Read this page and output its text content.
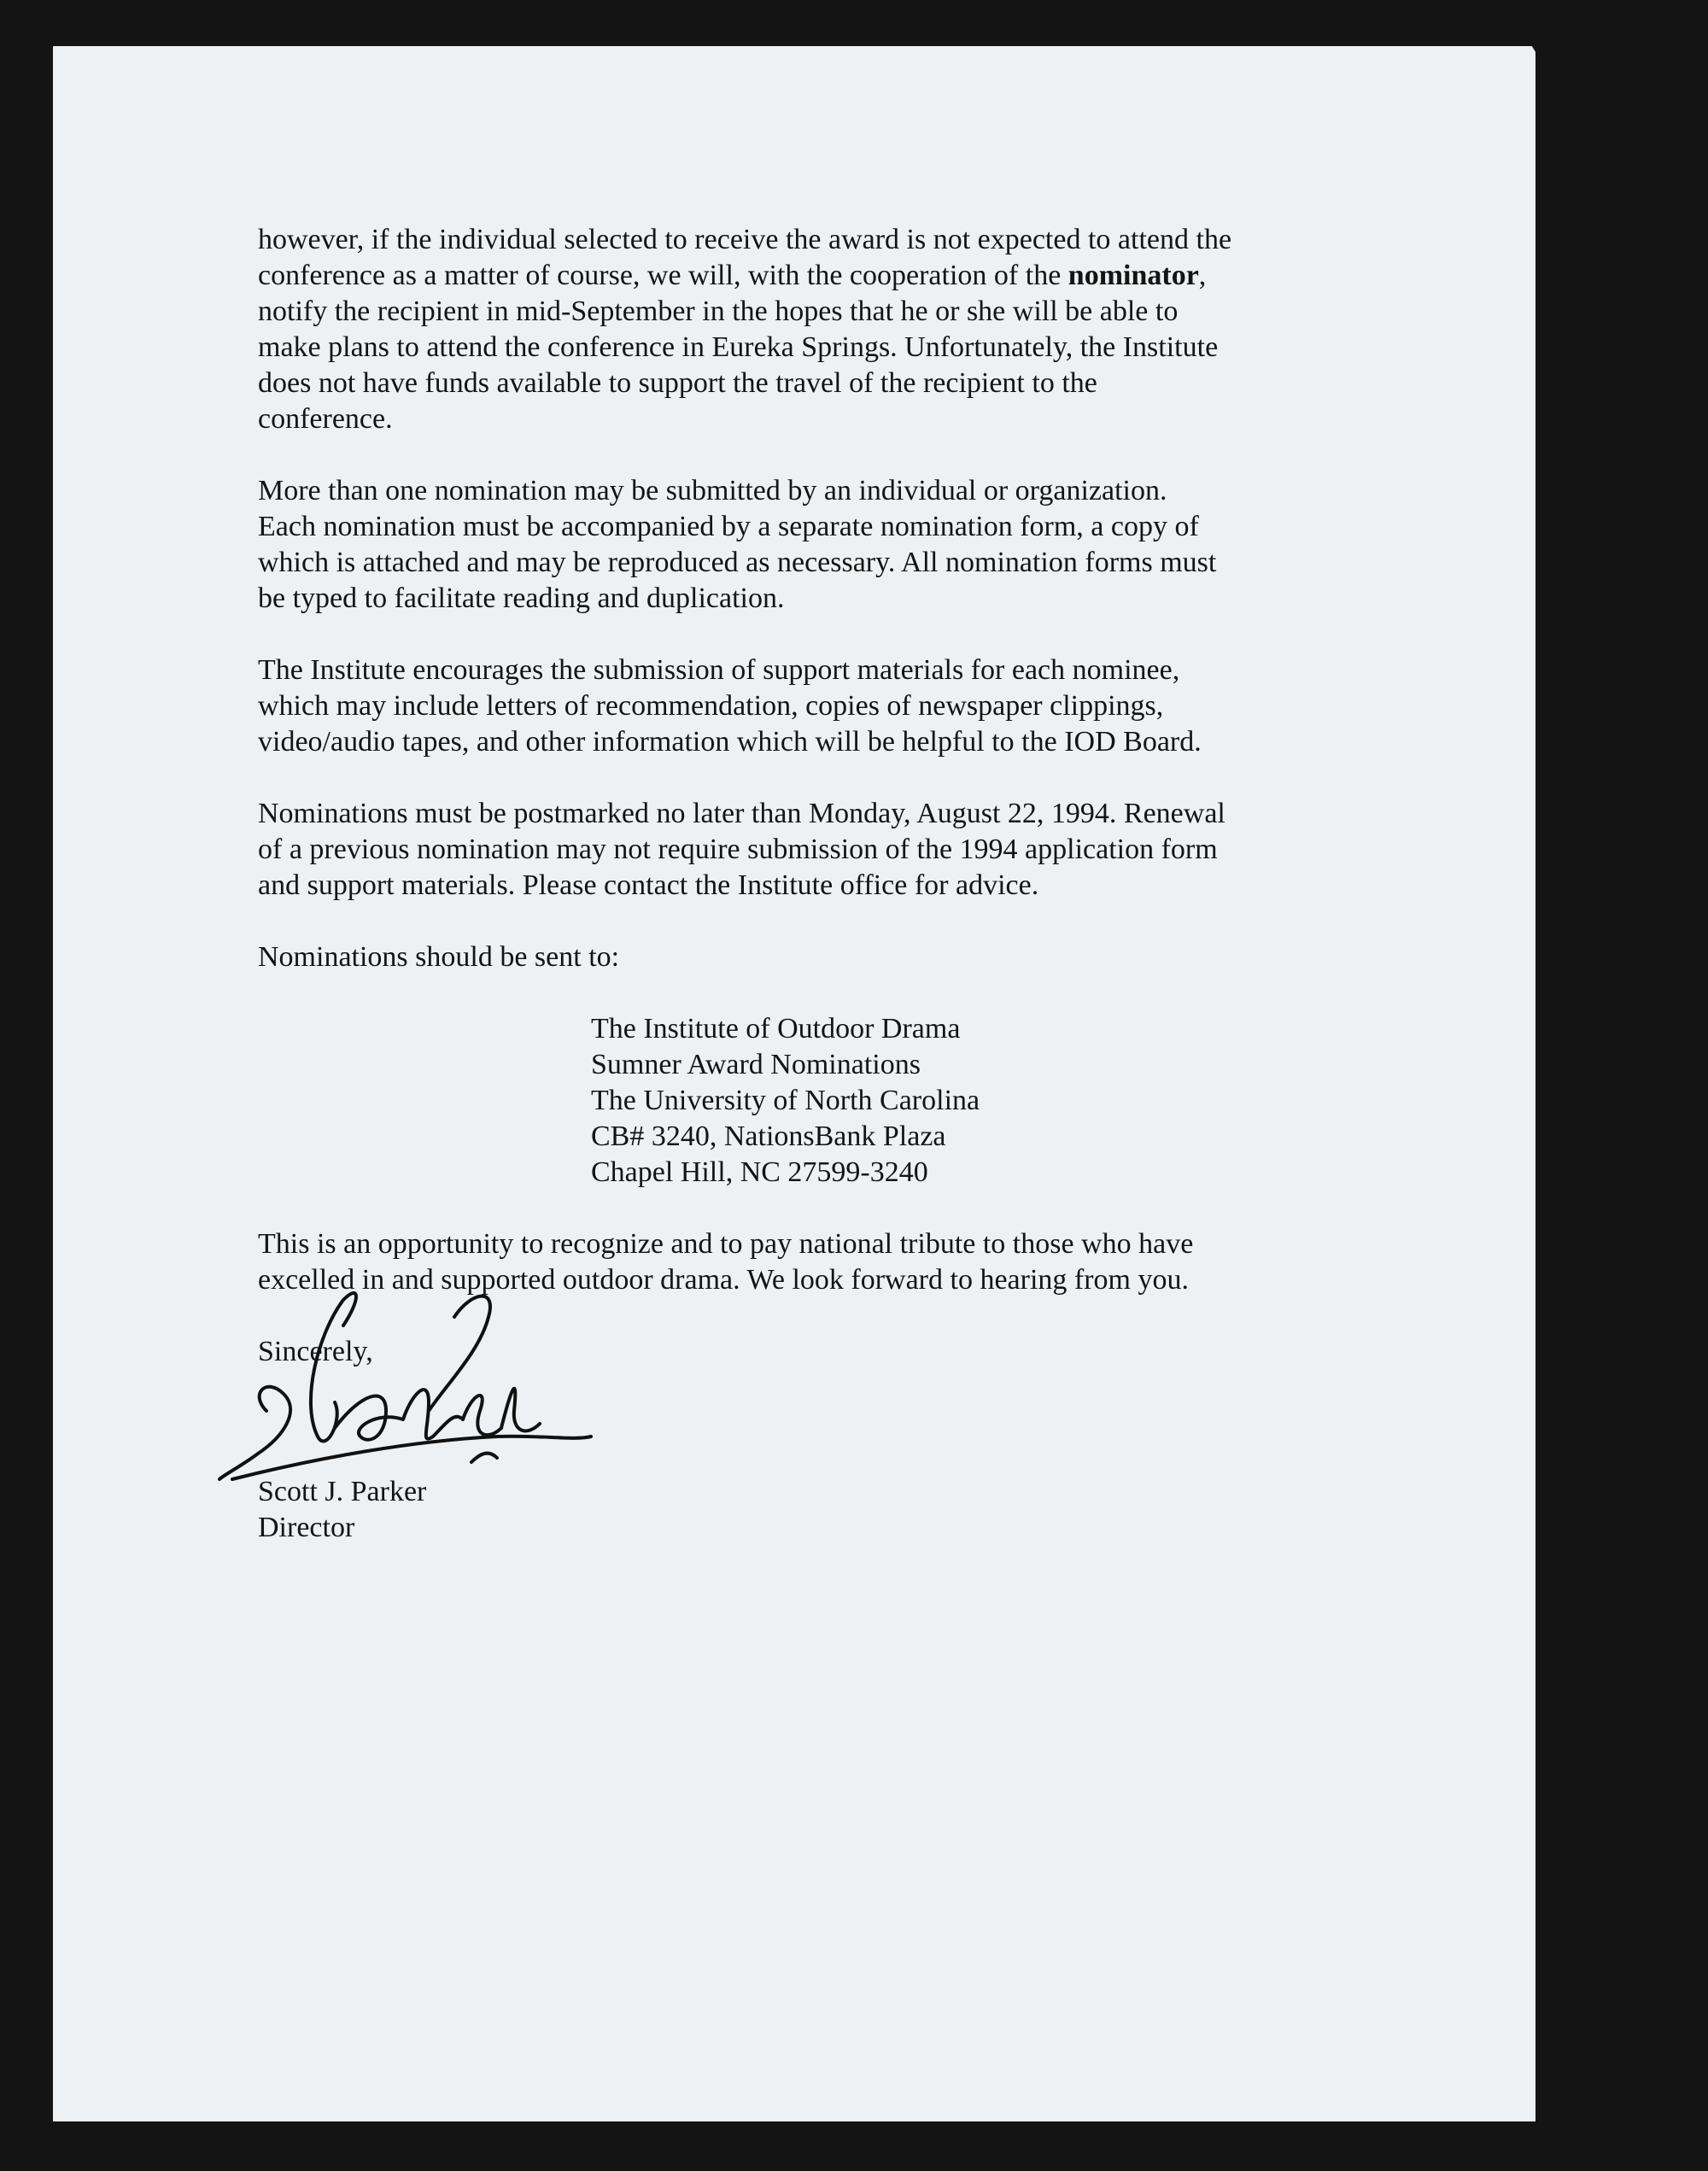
however, if the individual selected to receive the award is not expected to attend the
conference as a matter of course, we will, with the cooperation of the nominator,
notify the recipient in mid-September in the hopes that he or she will be able to
make plans to attend the conference in Eureka Springs. Unfortunately, the Institute
does not have funds available to support the travel of the recipient to the
conference.
More than one nomination may be submitted by an individual or organization.
Each nomination must be accompanied by a separate nomination form, a copy of
which is attached and may be reproduced as necessary. All nomination forms must
be typed to facilitate reading and duplication.
The Institute encourages the submission of support materials for each nominee,
which may include letters of recommendation, copies of newspaper clippings,
video/audio tapes, and other information which will be helpful to the IOD Board.
Nominations must be postmarked no later than Monday, August 22, 1994. Renewal
of a previous nomination may not require submission of the 1994 application form
and support materials. Please contact the Institute office for advice.
Nominations should be sent to:
The Institute of Outdoor Drama
Sumner Award Nominations
The University of North Carolina
CB# 3240, NationsBank Plaza
Chapel Hill, NC 27599-3240
This is an opportunity to recognize and to pay national tribute to those who have
excelled in and supported outdoor drama. We look forward to hearing from you.
Sincerely,
Scott J. Parker
Director
